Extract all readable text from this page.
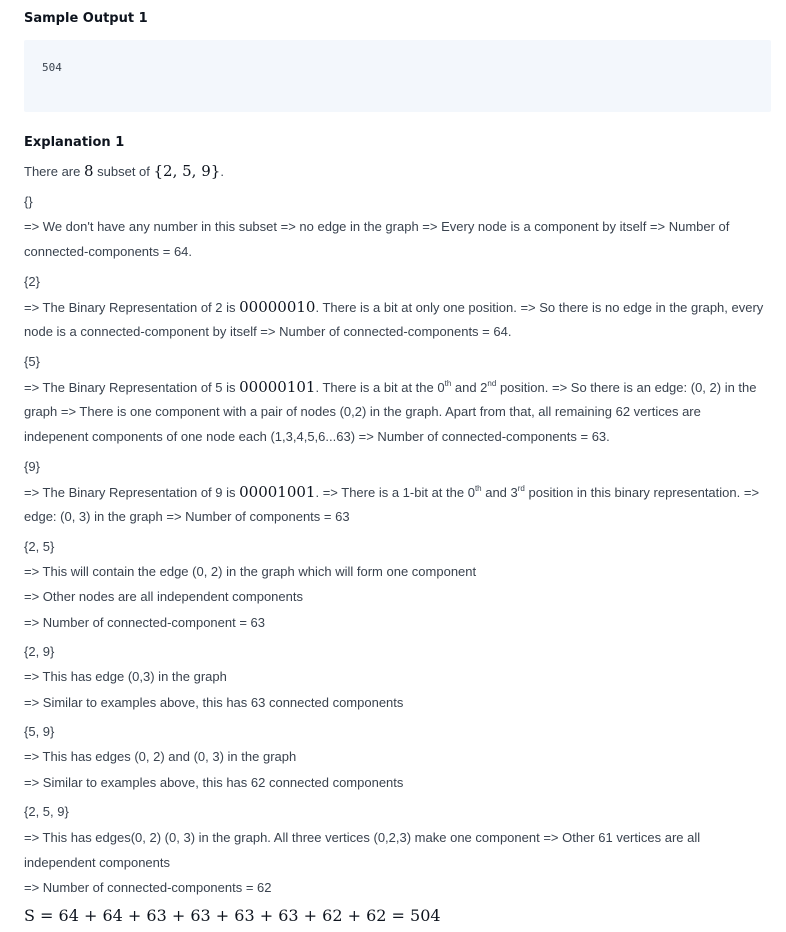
Sample Output 1
504
Explanation 1
There are 8 subset of {2, 5, 9}.
{}
=> We don't have any number in this subset => no edge in the graph => Every node is a component by itself => Number of
connected-components = 64.
{2}
=> The Binary Representation of 2 is 00000010. There is a bit at only one position. => So there is no edge in the graph, every
node is a connected-component by itself => Number of connected-components = 64.
{5}
=> The Binary Representation of 5 is 00000101. There is a bit at the 0th and 2nd position. => So there is an edge: (0, 2) in the
graph => There is one component with a pair of nodes (0,2) in the graph. Apart from that, all remaining 62 vertices are
indepenent components of one node each (1,3,4,5,6...63) => Number of connected-components = 63.
{9}
=> The Binary Representation of 9 is 00001001. => There is a 1-bit at the 0th and 3rd position in this binary representation. =>
edge: (0, 3) in the graph => Number of components = 63
{2, 5}
=> This will contain the edge (0, 2) in the graph which will form one component
=> Other nodes are all independent components
=> Number of connected-component = 63
{2, 9}
=> This has edge (0,3) in the graph
=> Similar to examples above, this has 63 connected components
{5, 9}
=> This has edges (0, 2) and (0, 3) in the graph
=> Similar to examples above, this has 62 connected components
{2, 5, 9}
=> This has edges(0, 2) (0, 3) in the graph. All three vertices (0,2,3) make one component => Other 61 vertices are all
independent components
=> Number of connected-components = 62
S = 64 + 64 + 63 + 63 + 63 + 63 + 62 + 62 = 504
